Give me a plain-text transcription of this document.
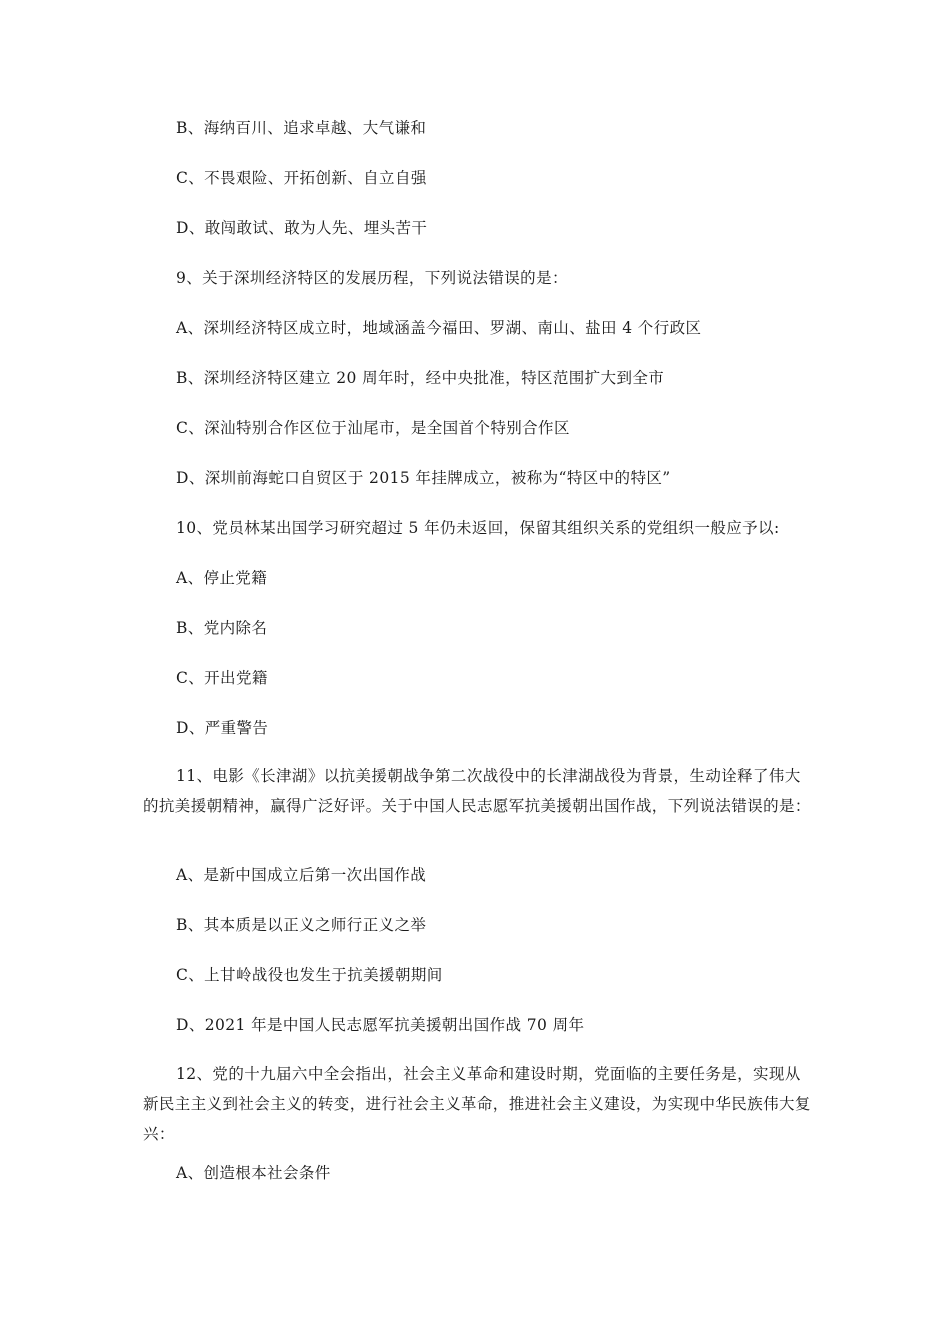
B、海纳百川、追求卓越、大气谦和
C、不畏艰险、开拓创新、自立自强
D、敢闯敢试、敢为人先、埋头苦干
9、关于深圳经济特区的发展历程，下列说法错误的是：
A、深圳经济特区成立时，地域涵盖今福田、罗湖、南山、盐田 4 个行政区
B、深圳经济特区建立 20 周年时，经中央批准，特区范围扩大到全市
C、深汕特别合作区位于汕尾市，是全国首个特别合作区
D、深圳前海蛇口自贸区于 2015 年挂牌成立，被称为“特区中的特区”
10、党员林某出国学习研究超过 5 年仍未返回，保留其组织关系的党组织一般应予以:
A、停止党籍
B、党内除名
C、开出党籍
D、严重警告
11、电影《长津湖》以抗美援朝战争第二次战役中的长津湖战役为背景，生动诠释了伟大的抗美援朝精神，赢得广泛好评。关于中国人民志愿军抗美援朝出国作战，下列说法错误的是：
A、是新中国成立后第一次出国作战
B、其本质是以正义之师行正义之举
C、上甘岭战役也发生于抗美援朝期间
D、2021 年是中国人民志愿军抗美援朝出国作战 70 周年
12、党的十九届六中全会指出，社会主义革命和建设时期，党面临的主要任务是，实现从新民主主义到社会主义的转变，进行社会主义革命，推进社会主义建设，为实现中华民族伟大复兴：
A、创造根本社会条件
